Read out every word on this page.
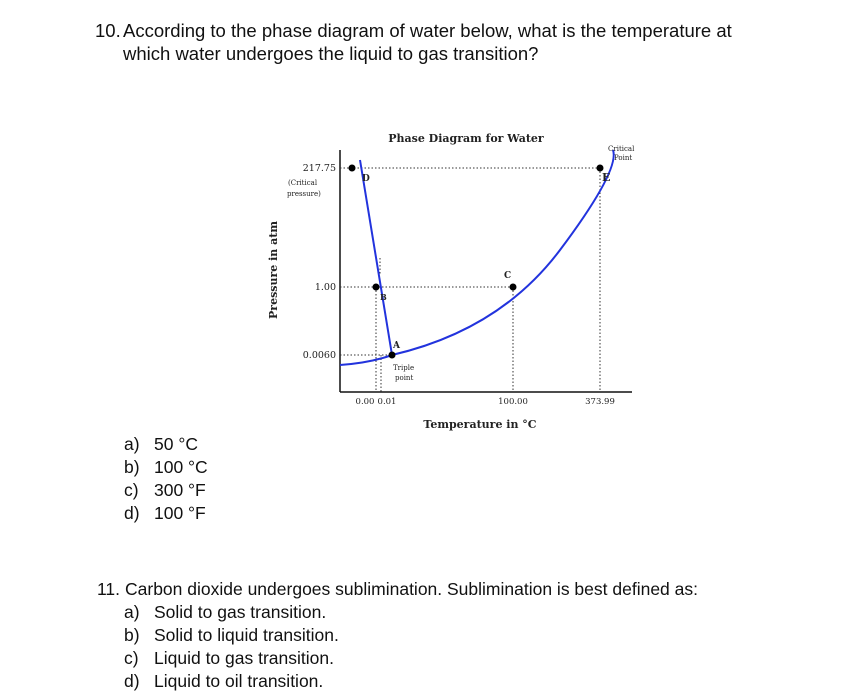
10. According to the phase diagram of water below, what is the temperature at
which water undergoes the liquid to gas transition?
Phase Diagram for Water
A
B
C
D	E
217.75
1.00
0.0060
(Critical pressure)
Critical Point
Triple point
0.00 0.01	100.00	373.99
Temperature in °C
Pressure in atm
a) 50 °C
b) 100 °C
c) 300 °F
d) 100 °F
11. Carbon dioxide undergoes sublimination. Sublimination is best defined as:
a) Solid to gas transition.
b) Solid to liquid transition.
c) Liquid to gas transition.
d) Liquid to oil transition.
